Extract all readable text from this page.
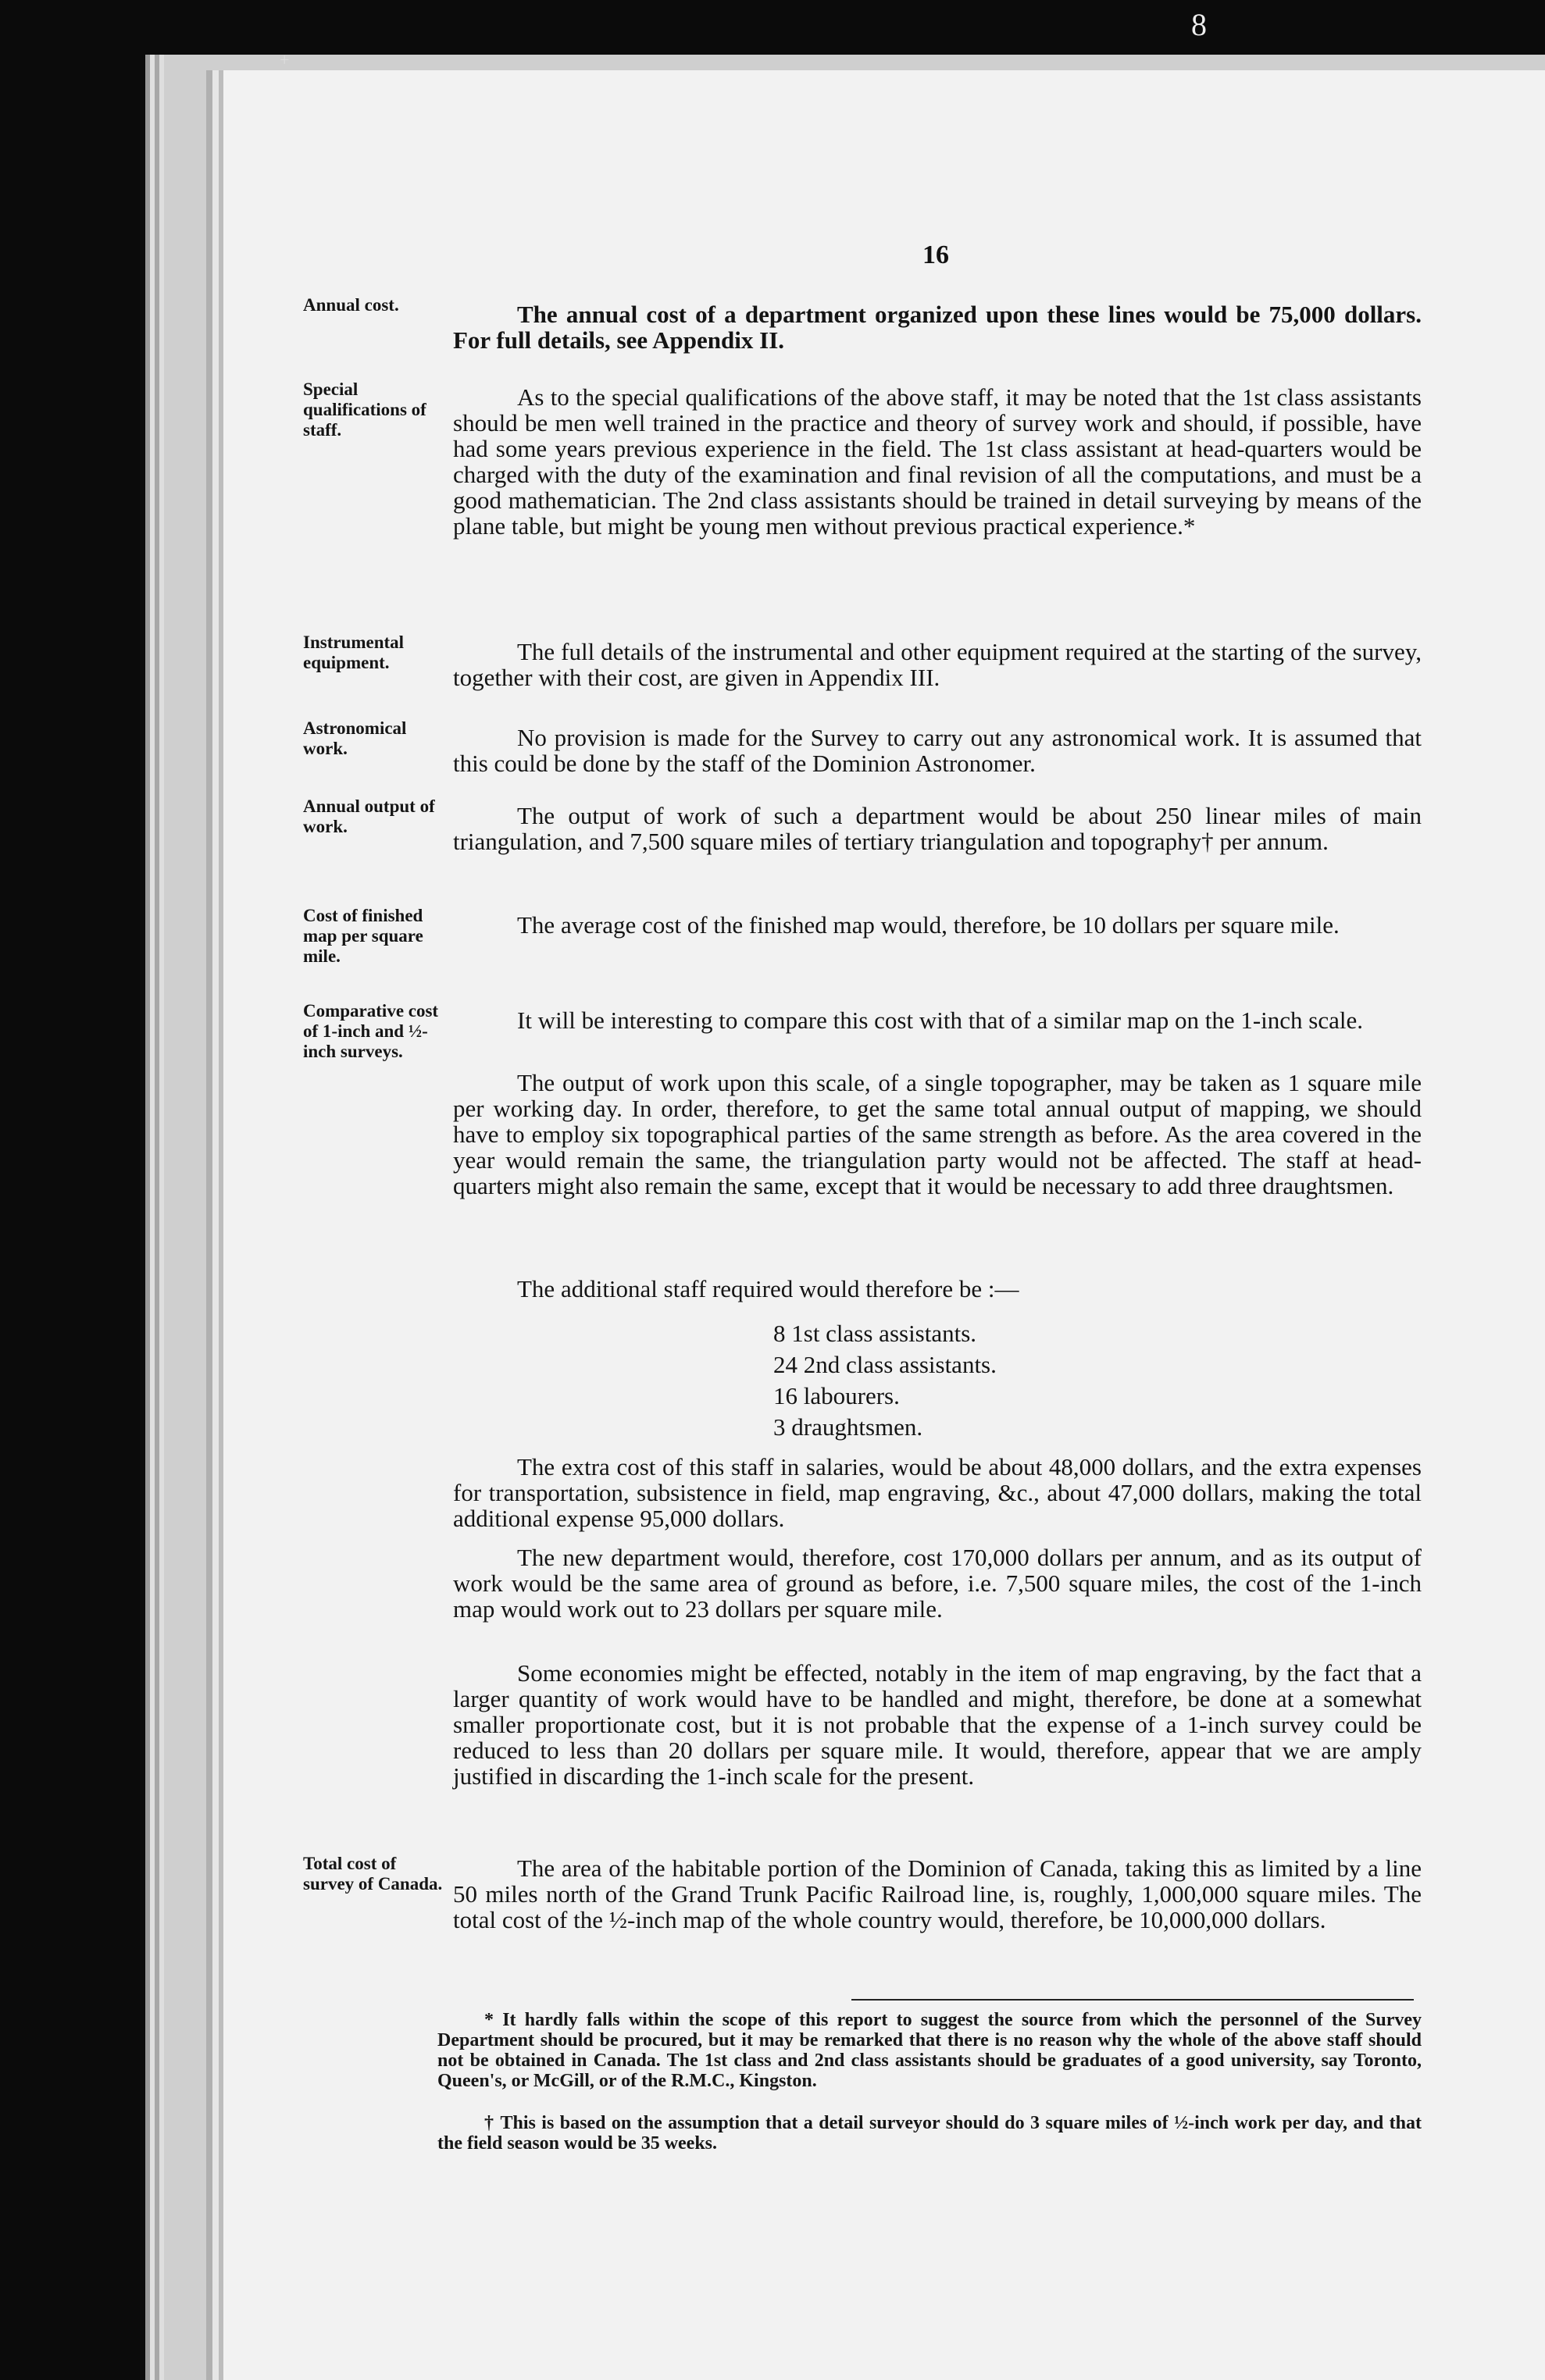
8
+
16
Annual cost.
Special qualifications of staff.
Instrumental equipment.
Astronomical work.
Annual output of work.
Cost of finished map per square mile.
Comparative cost of 1-inch and ½-inch surveys.
Total cost of survey of Canada.

The annual cost of a department organized upon these lines would be 75,000 dollars. For full details, see Appendix II.

As to the special qualifications of the above staff, it may be noted that the 1st class assistants should be men well trained in the practice and theory of survey work and should, if possible, have had some years previous experience in the field. The 1st class assistant at head-quarters would be charged with the duty of the examination and final revision of all the computations, and must be a good mathematician. The 2nd class assistants should be trained in detail surveying by means of the plane table, but might be young men without previous practical experience.*

The full details of the instrumental and other equipment required at the starting of the survey, together with their cost, are given in Appendix III.

No provision is made for the Survey to carry out any astronomical work. It is assumed that this could be done by the staff of the Dominion Astronomer.

The output of work of such a department would be about 250 linear miles of main triangulation, and 7,500 square miles of tertiary triangulation and topography† per annum.

The average cost of the finished map would, therefore, be 10 dollars per square mile.

It will be interesting to compare this cost with that of a similar map on the 1-inch scale.

The output of work upon this scale, of a single topographer, may be taken as 1 square mile per working day. In order, therefore, to get the same total annual output of mapping, we should have to employ six topographical parties of the same strength as before. As the area covered in the year would remain the same, the triangulation party would not be affected. The staff at head-quarters might also remain the same, except that it would be necessary to add three draughtsmen.

The additional staff required would therefore be :—

8 1st class assistants.
24 2nd class assistants.
16 labourers.
3 draughtsmen.

The extra cost of this staff in salaries, would be about 48,000 dollars, and the extra expenses for transportation, subsistence in field, map engraving, &c., about 47,000 dollars, making the total additional expense 95,000 dollars.

The new department would, therefore, cost 170,000 dollars per annum, and as its output of work would be the same area of ground as before, i.e. 7,500 square miles, the cost of the 1-inch map would work out to 23 dollars per square mile.

Some economies might be effected, notably in the item of map engraving, by the fact that a larger quantity of work would have to be handled and might, therefore, be done at a somewhat smaller proportionate cost, but it is not probable that the expense of a 1-inch survey could be reduced to less than 20 dollars per square mile. It would, therefore, appear that we are amply justified in discarding the 1-inch scale for the present.

The area of the habitable portion of the Dominion of Canada, taking this as limited by a line 50 miles north of the Grand Trunk Pacific Railroad line, is, roughly, 1,000,000 square miles. The total cost of the ½-inch map of the whole country would, therefore, be 10,000,000 dollars.

* It hardly falls within the scope of this report to suggest the source from which the personnel of the Survey Department should be procured, but it may be remarked that there is no reason why the whole of the above staff should not be obtained in Canada. The 1st class and 2nd class assistants should be graduates of a good university, say Toronto, Queen's, or McGill, or of the R.M.C., Kingston.

† This is based on the assumption that a detail surveyor should do 3 square miles of ½-inch work per day, and that the field season would be 35 weeks.
